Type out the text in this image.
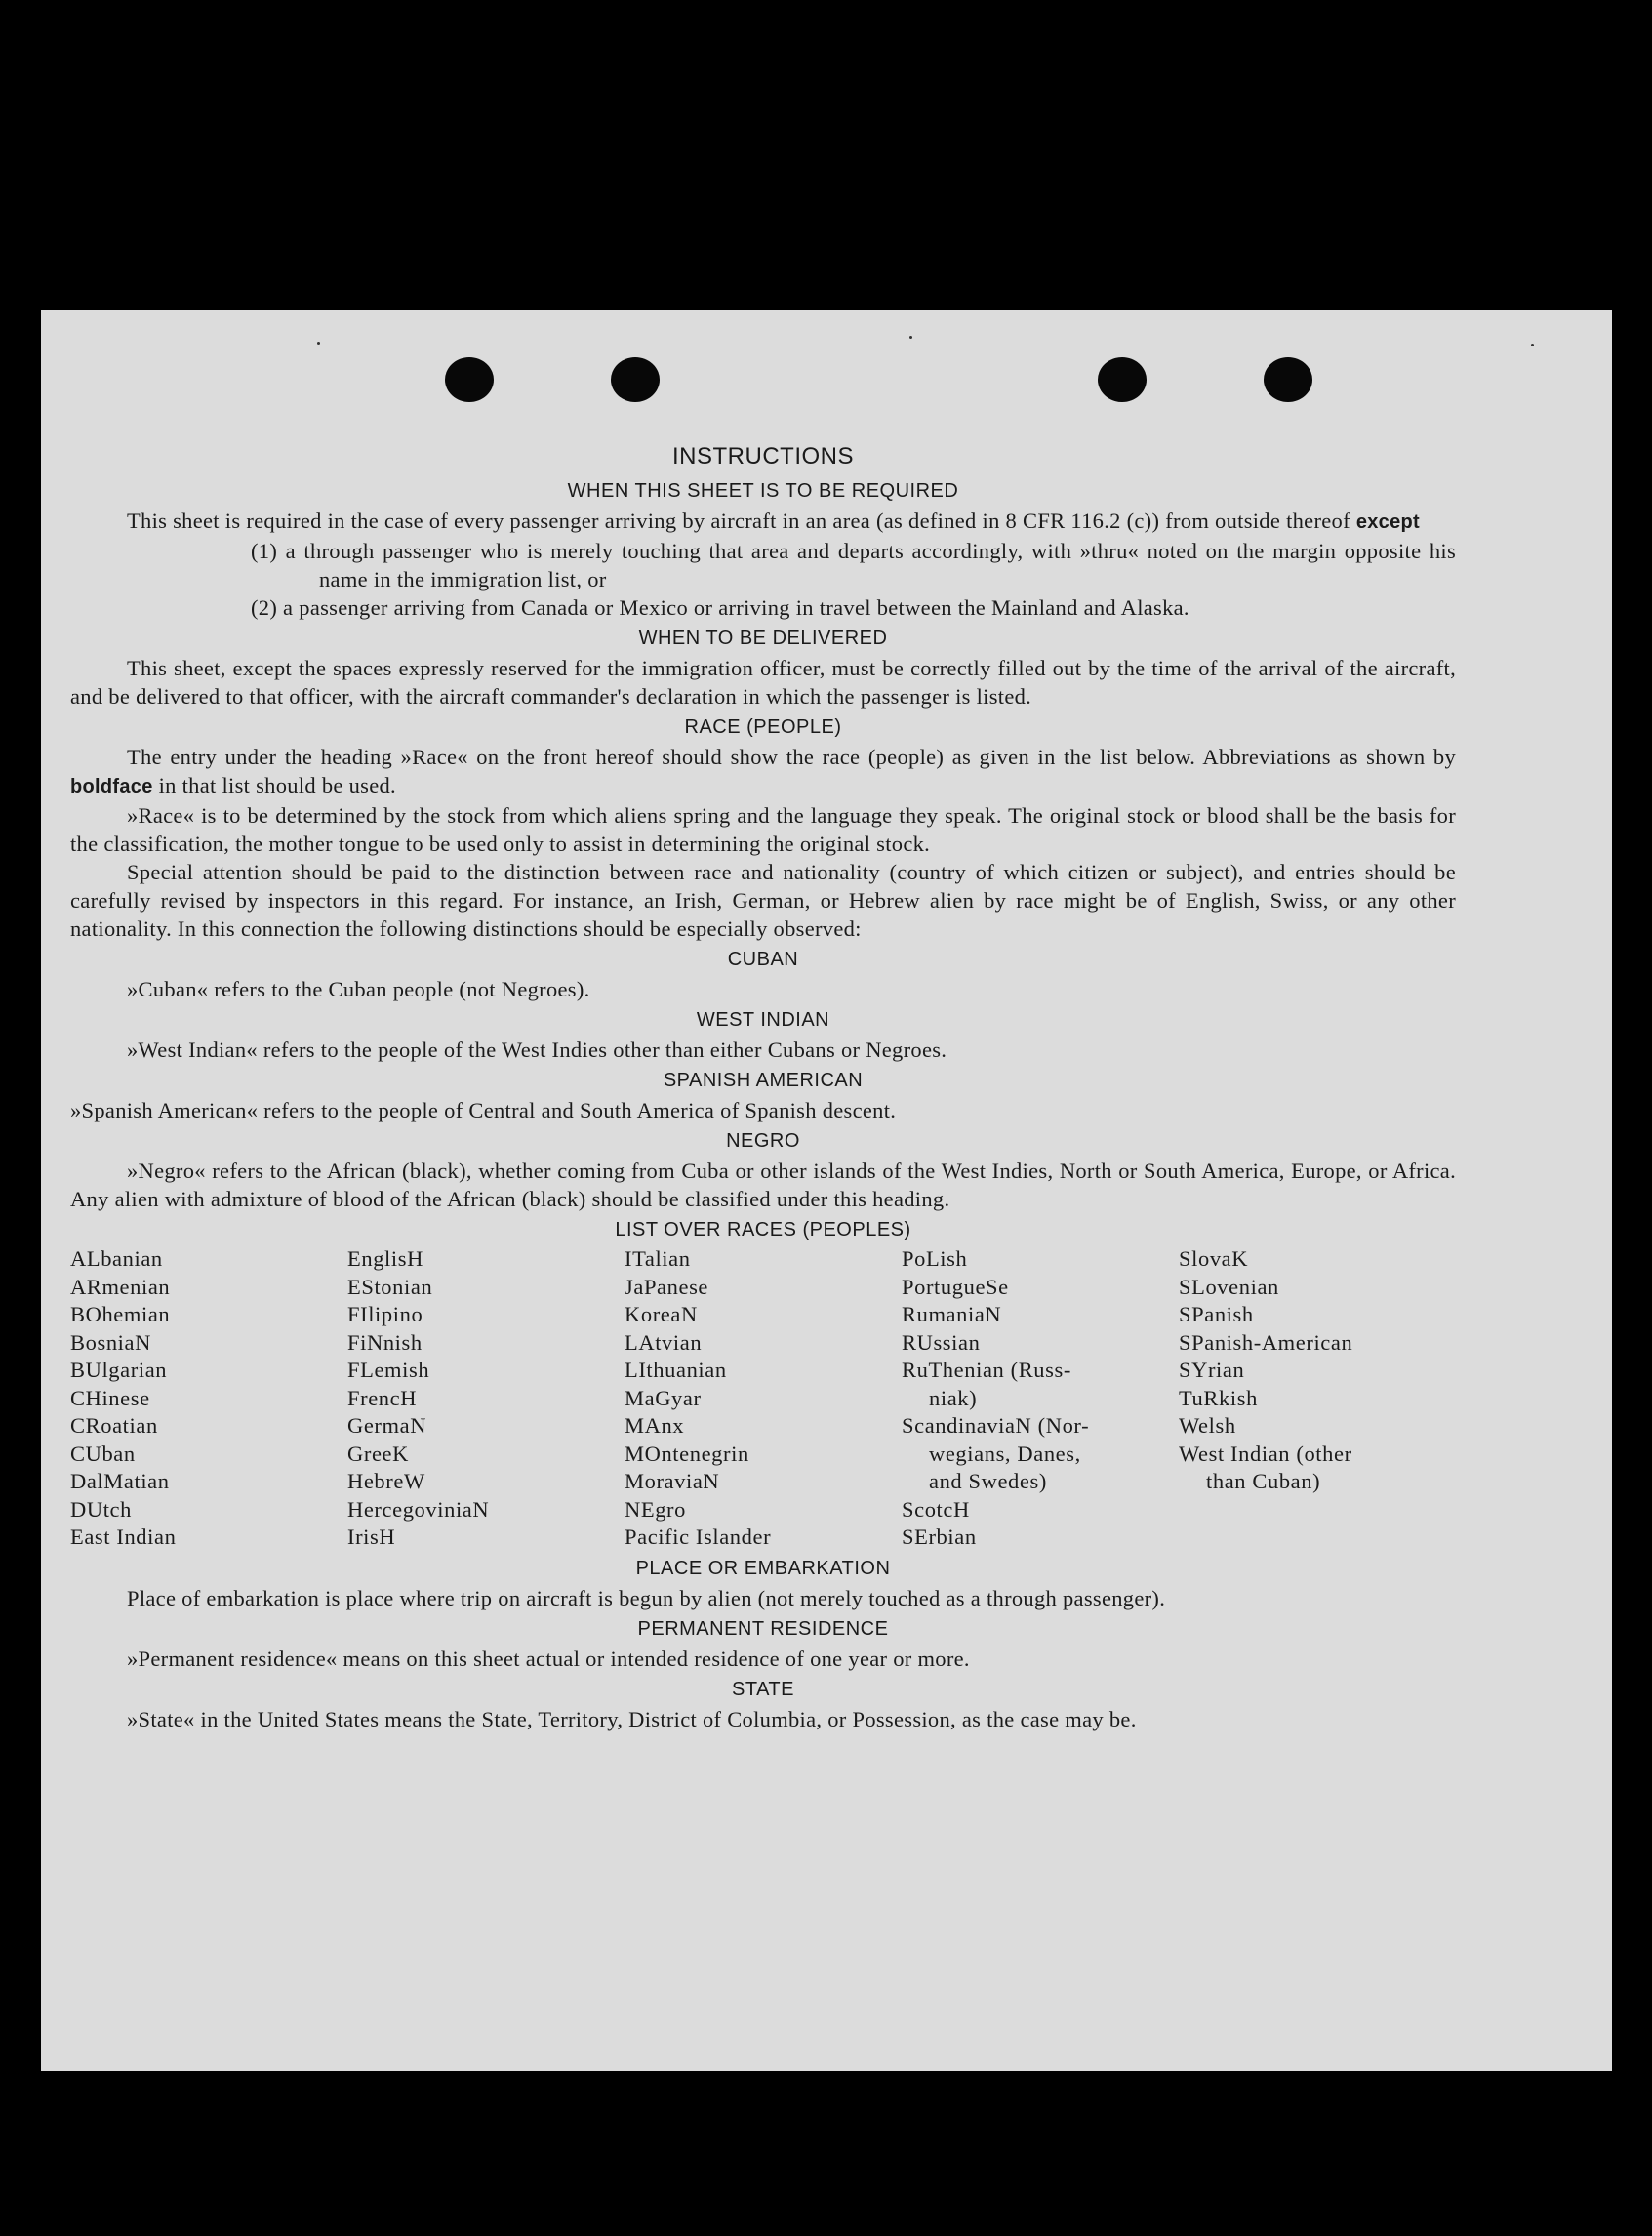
INSTRUCTIONS
WHEN THIS SHEET IS TO BE REQUIRED

This sheet is required in the case of every passenger arriving by aircraft in an area (as defined in 8 CFR 116.2 (c)) from outside thereof except

(1) a through passenger who is merely touching that area and departs accordingly, with »thru« noted on the margin opposite his name in the immigration list, or

(2) a passenger arriving from Canada or Mexico or arriving in travel between the Mainland and Alaska.

WHEN TO BE DELIVERED

This sheet, except the spaces expressly reserved for the immigration officer, must be correctly filled out by the time of the arrival of the aircraft, and be delivered to that officer, with the aircraft commander's declaration in which the passenger is listed.

RACE (PEOPLE)

The entry under the heading »Race« on the front hereof should show the race (people) as given in the list below. Abbreviations as shown by boldface in that list should be used.

»Race« is to be determined by the stock from which aliens spring and the language they speak. The original stock or blood shall be the basis for the classification, the mother tongue to be used only to assist in determining the original stock.

Special attention should be paid to the distinction between race and nationality (country of which citizen or subject), and entries should be carefully revised by inspectors in this regard. For instance, an Irish, German, or Hebrew alien by race might be of English, Swiss, or any other nationality. In this connection the following distinctions should be especially observed:

CUBAN

»Cuban« refers to the Cuban people (not Negroes).

WEST INDIAN

»West Indian« refers to the people of the West Indies other than either Cubans or Negroes.

SPANISH AMERICAN

»Spanish American« refers to the people of Central and South America of Spanish descent.

NEGRO

»Negro« refers to the African (black), whether coming from Cuba or other islands of the West Indies, North or South America, Europe, or Africa. Any alien with admixture of blood of the African (black) should be classified under this heading.

LIST OVER RACES (PEOPLES)
ALbanian
ARmenian
BOhemian
BosniaN
BUlgarian
CHinese
CRoatian
CUban
DalMatian
DUtch
East Indian
EnglisH
EStonian
FIlipino
FiNnish
FLemish
FrencH
GermaN
GreeK
HebreW
HercegoviniaN
IrisH
ITalian
JaPanese
KoreaN
LAtvian
LIthuanian
MaGyar
MAnx
MOntenegrin
MoraviaN
NEgro
Pacific Islander
PoLish
PortugueSe
RumaniaN
RUssian
RuThenian (Russ-
niak)
ScandinaviaN (Nor-
wegians, Danes,
and Swedes)
ScotcH
SErbian
SlovaK
SLovenian
SPanish
SPanish-American
SYrian
TuRkish
Welsh
West Indian (other
than Cuban)

PLACE OR EMBARKATION

Place of embarkation is place where trip on aircraft is begun by alien (not merely touched as a through passenger).

PERMANENT RESIDENCE

»Permanent residence« means on this sheet actual or intended residence of one year or more.

STATE

»State« in the United States means the State, Territory, District of Columbia, or Possession, as the case may be.
